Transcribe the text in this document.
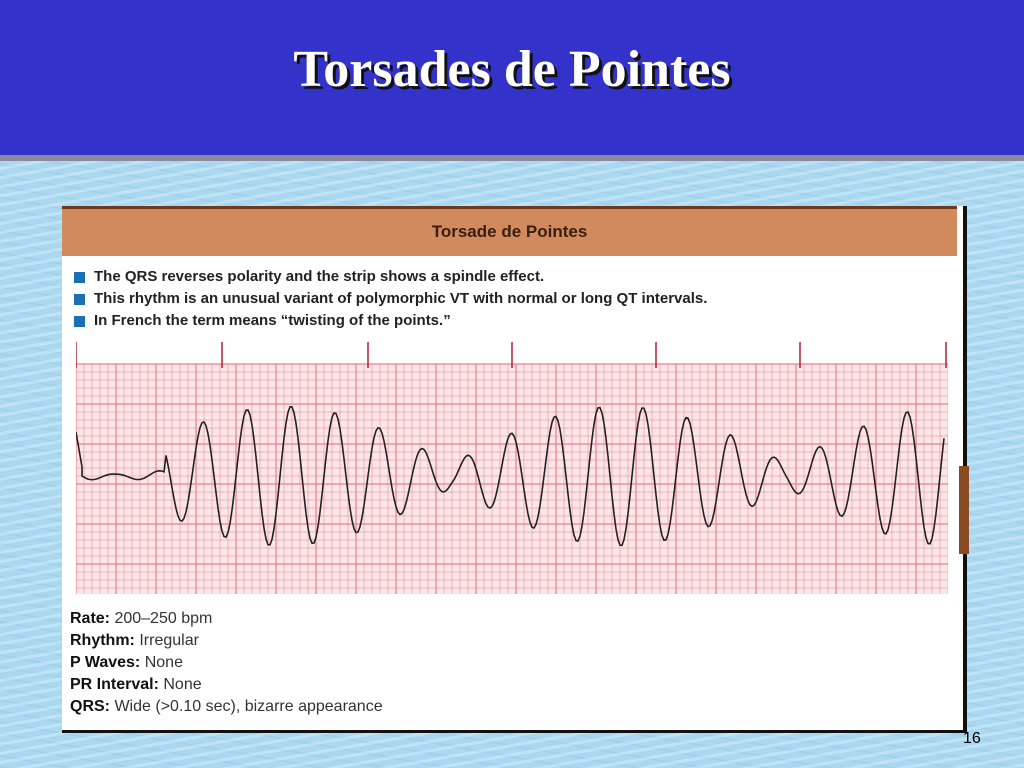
Torsades de Pointes
Torsade de Pointes
The QRS reverses polarity and the strip shows a spindle effect.
This rhythm is an unusual variant of polymorphic VT with normal or long QT intervals.
In French the term means “twisting of the points.”
Rate: 200–250 bpm
Rhythm: Irregular
P Waves: None
PR Interval: None
QRS: Wide (>0.10 sec), bizarre appearance
16
